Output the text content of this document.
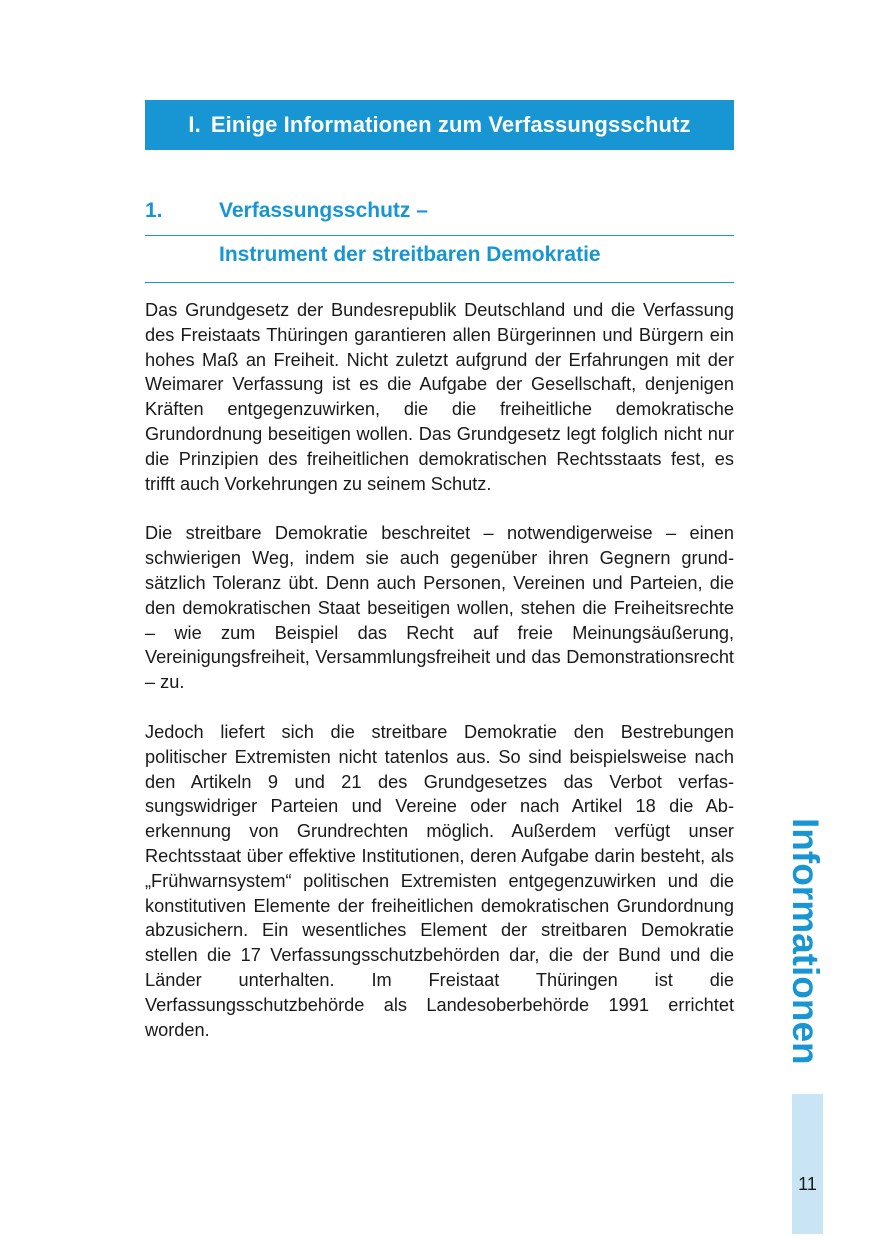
I. Einige Informationen zum Verfassungsschutz
1.	Verfassungsschutz –
Instrument der streitbaren Demokratie

Das Grundgesetz der Bundesrepublik Deutschland und die Verfassung des Freistaats Thüringen garantieren allen Bürgerinnen und Bürgern ein hohes Maß an Freiheit. Nicht zuletzt aufgrund der Erfahrungen mit der Weimarer Verfassung ist es die Aufgabe der Gesellschaft, denjenigen Kräften entgegenzuwirken, die die freiheitliche demokratische Grundordnung beseitigen wollen. Das Grundgesetz legt folglich nicht nur die Prinzipien des freiheitlichen demokratischen Rechtsstaats fest, es trifft auch Vorkehrungen zu seinem Schutz.

Die streitbare Demokratie beschreitet – notwendigerweise – einen schwierigen Weg, indem sie auch gegenüber ihren Gegnern grundsätzlich Toleranz übt. Denn auch Personen, Vereinen und Parteien, die den demokratischen Staat beseitigen wollen, stehen die Freiheitsrechte – wie zum Beispiel das Recht auf freie Meinungsäußerung, Vereinigungsfreiheit, Versammlungsfreiheit und das Demonstrationsrecht – zu.

Jedoch liefert sich die streitbare Demokratie den Bestrebungen politischer Extremisten nicht tatenlos aus. So sind beispielsweise nach den Artikeln 9 und 21 des Grundgesetzes das Verbot verfassungswidriger Parteien und Vereine oder nach Artikel 18 die Aberkennung von Grundrechten möglich. Außerdem verfügt unser Rechtsstaat über effektive Institutionen, deren Aufgabe darin besteht, als „Frühwarnsystem“ politischen Extremisten entgegenzuwirken und die konstitutiven Elemente der freiheitlichen demokratischen Grundordnung abzusichern. Ein wesentliches Element der streitbaren Demokratie stellen die 17 Verfassungsschutzbehörden dar, die der Bund und die Länder unterhalten. Im Freistaat Thüringen ist die Verfassungsschutzbehörde als Landesoberbehörde 1991 errichtet worden.	Informationen
11
